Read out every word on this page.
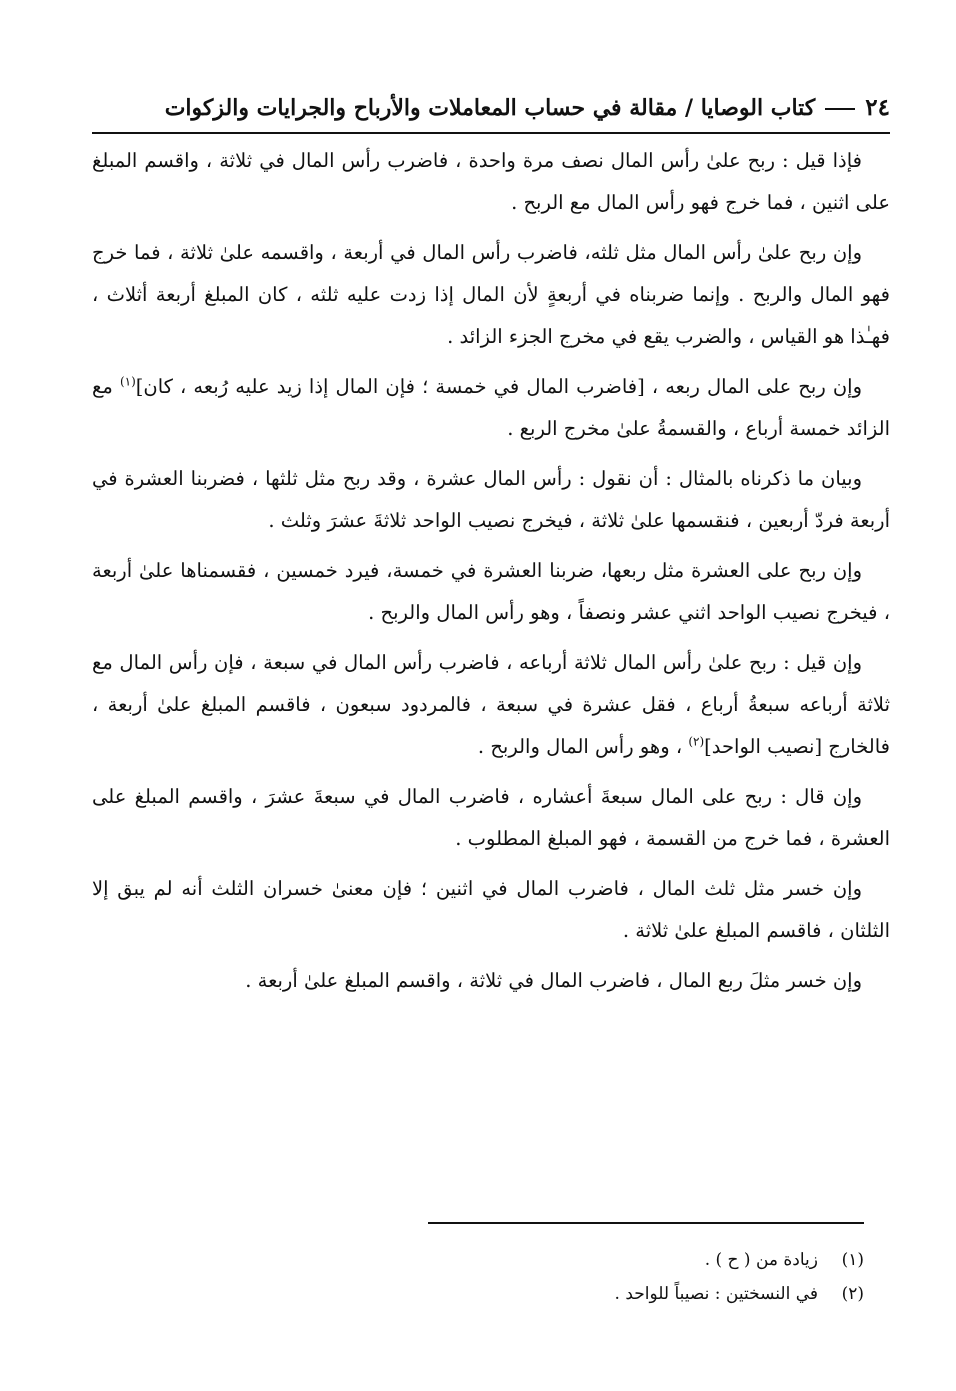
٢٤
كتاب الوصايا / مقالة في حساب المعاملات والأرباح والجرايات والزكوات

فإذا قيل : ربح علىٰ رأس المال نصف مرة واحدة ، فاضرب رأس المال في ثلاثة ، واقسم المبلغ على اثنين ، فما خرج فهو رأس المال مع الربح .

وإن ربح علىٰ رأس المال مثل ثلثه، فاضرب رأس المال في أربعة ، واقسمه علىٰ ثلاثة ، فما خرج فهو المال والربح . وإنما ضربناه في أربعةٍ لأن المال إذا زدت عليه ثلثه ، كان المبلغ أربعة أثلاث ، فهـٰذا هو القياس ، والضرب يقع في مخرج الجزء الزائد .

وإن ربح على المال ربعه ، [فاضرب المال في خمسة ؛ فإن المال إذا زيد عليه رُبعه ، كان]$^{(١)}$ مع الزائد خمسة أرباع ، والقسمةُ علىٰ مخرج الربع .

وبيان ما ذكرناه بالمثال : أن نقول : رأس المال عشرة ، وقد ربح مثل ثلثها ، فضربنا العشرة في أربعة فردّ أربعين ، فنقسمها علىٰ ثلاثة ، فيخرج نصيب الواحد ثلاثةَ عشرَ وثلث .

وإن ربح على العشرة مثل ربعها، ضربنا العشرة في خمسة، فيرد خمسين ، فقسمناها علىٰ أربعة ، فيخرج نصيب الواحد اثني عشر ونصفاً ، وهو رأس المال والربح .

وإن قيل : ربح علىٰ رأس المال ثلاثة أرباعه ، فاضرب رأس المال في سبعة ، فإن رأس المال مع ثلاثة أرباعه سبعةُ أرباع ، فقل عشرة في سبعة ، فالمردود سبعون ، فاقسم المبلغ علىٰ أربعة ، فالخارج [نصيب الواحد]$^{(٢)}$ ، وهو رأس المال والربح .

وإن قال : ربح على المال سبعةَ أعشاره ، فاضرب المال في سبعةَ عشرَ ، واقسم المبلغ على العشرة ، فما خرج من القسمة ، فهو المبلغ المطلوب .

وإن خسر مثل ثلث المال ، فاضرب المال في اثنين ؛ فإن معنىٰ خسران الثلث أنه لم يبق إلا الثلثان ، فاقسم المبلغ علىٰ ثلاثة .

وإن خسر مثلَ ربع المال ، فاضرب المال في ثلاثة ، واقسم المبلغ علىٰ أربعة .

(١)
زيادة من ( ح ) .
(٢)
في النسختين : نصيباً للواحد .
